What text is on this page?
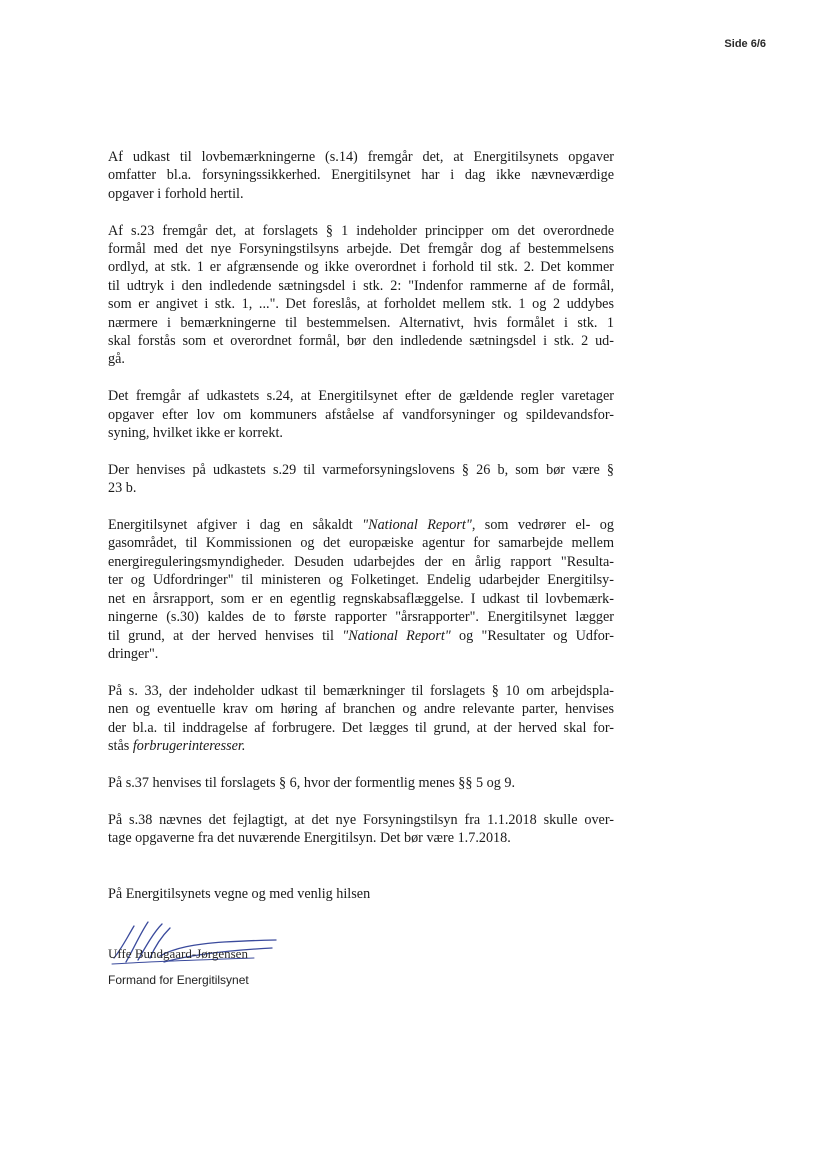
Side 6/6

Af udkast til lovbemærkningerne (s.14) fremgår det, at Energitilsynets opgaver
omfatter bl.a. forsyningssikkerhed. Energitilsynet har i dag ikke nævneværdige
opgaver i forhold hertil.

Af s.23 fremgår det, at forslagets § 1 indeholder principper om det overordnede
formål med det nye Forsyningstilsyns arbejde. Det fremgår dog af bestemmelsens
ordlyd, at stk. 1 er afgrænsende og ikke overordnet i forhold til stk. 2. Det kommer
til udtryk i den indledende sætningsdel i stk. 2: "Indenfor rammerne af de formål,
som er angivet i stk. 1, ...". Det foreslås, at forholdet mellem stk. 1 og 2 uddybes
nærmere i bemærkningerne til bestemmelsen. Alternativt, hvis formålet i stk. 1
skal forstås som et overordnet formål, bør den indledende sætningsdel i stk. 2 ud-
gå.

Det fremgår af udkastets s.24, at Energitilsynet efter de gældende regler varetager
opgaver efter lov om kommuners afståelse af vandforsyninger og spildevandsfor-
syning, hvilket ikke er korrekt.

Der henvises på udkastets s.29 til varmeforsyningslovens § 26 b, som bør være §
23 b.

Energitilsynet afgiver i dag en såkaldt "National Report", som vedrører el- og
gasområdet, til Kommissionen og det europæiske agentur for samarbejde mellem
energireguleringsmyndigheder. Desuden udarbejdes der en årlig rapport "Resulta-
ter og Udfordringer" til ministeren og Folketinget. Endelig udarbejder Energitilsy-
net en årsrapport, som er en egentlig regnskabsaflæggelse. I udkast til lovbemærk-
ningerne (s.30) kaldes de to første rapporter "årsrapporter". Energitilsynet lægger
til grund, at der herved henvises til "National Report" og "Resultater og Udfor-
dringer".

På s. 33, der indeholder udkast til bemærkninger til forslagets § 10 om arbejdspla-
nen og eventuelle krav om høring af branchen og andre relevante parter, henvises
der bl.a. til inddragelse af forbrugere. Det lægges til grund, at der herved skal for-
stås forbrugerinteresser.

På s.37 henvises til forslagets § 6, hvor der formentlig menes §§ 5 og 9.

På s.38 nævnes det fejlagtigt, at det nye Forsyningstilsyn fra 1.1.2018 skulle over-
tage opgaverne fra det nuværende Energitilsyn. Det bør være 1.7.2018.

På Energitilsynets vegne og med venlig hilsen
Uffe Bundgaard-Jørgensen
Formand for Energitilsynet
